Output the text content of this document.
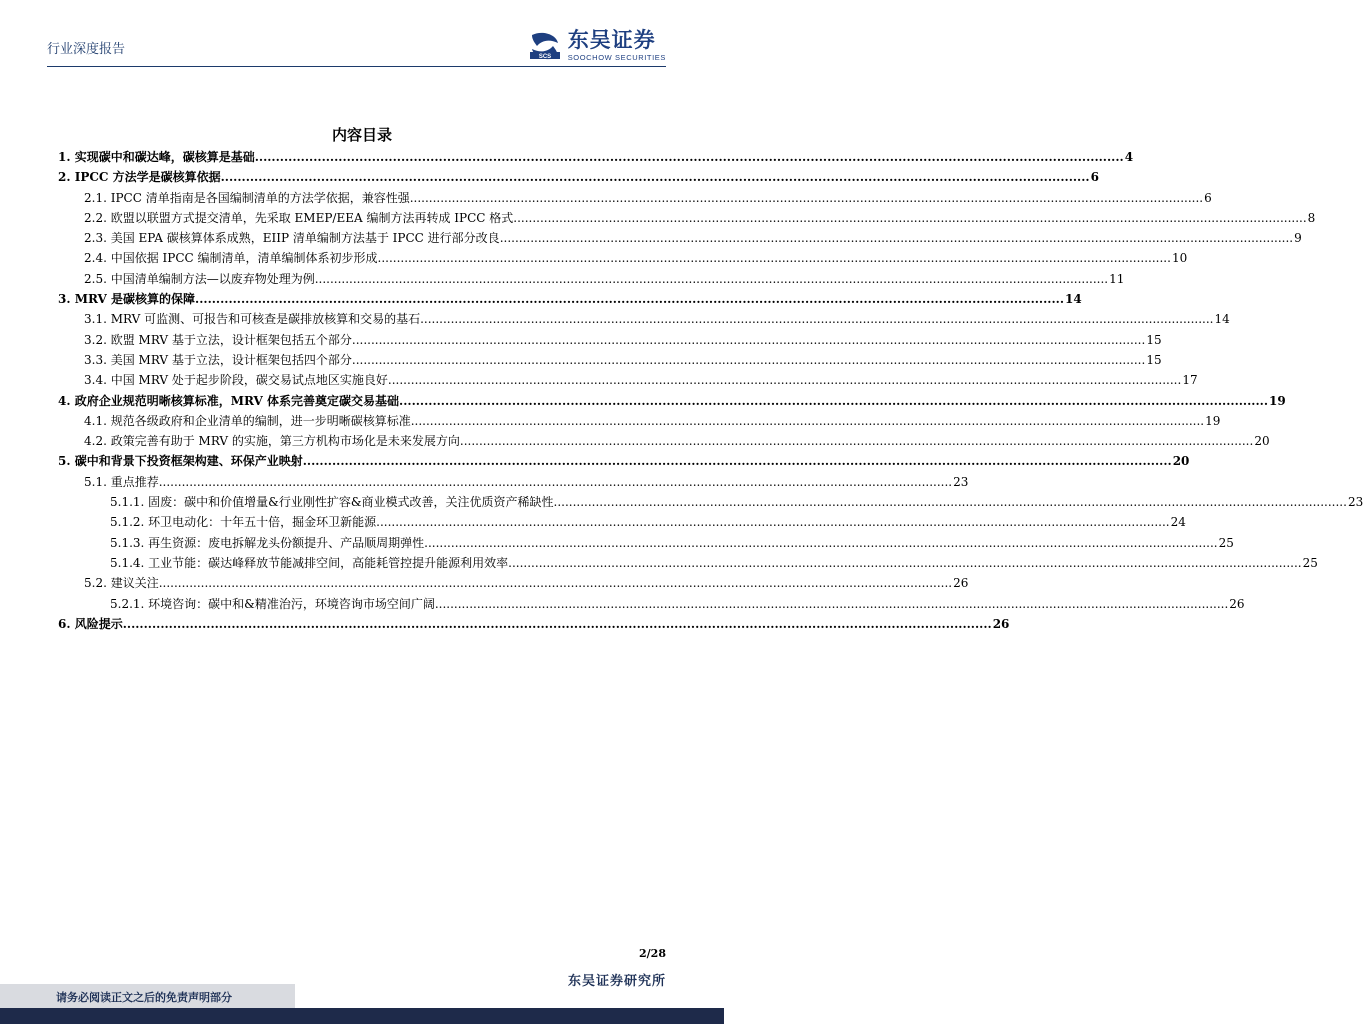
行业深度报告	SCS
东吴证券
SOOCHOW SECURITIES
内容目录
1. 实现碳中和碳达峰，碳核算是基础 .....	4
2. IPCC 方法学是碳核算依据 .....	6
2.1. IPCC 清单指南是各国编制清单的方法学依据，兼容性强 .....	6
2.2. 欧盟以联盟方式提交清单，先采取 EMEP/EEA 编制方法再转成 IPCC 格式 .....	8
2.3. 美国 EPA 碳核算体系成熟，EIIP 清单编制方法基于 IPCC 进行部分改良 .....	9
2.4. 中国依据 IPCC 编制清单，清单编制体系初步形成 .....	10
2.5. 中国清单编制方法—以废弃物处理为例 .....	11
3. MRV 是碳核算的保障 .....	14
3.1. MRV 可监测、可报告和可核查是碳排放核算和交易的基石 .....	14
3.2. 欧盟 MRV 基于立法，设计框架包括五个部分 .....	15
3.3. 美国 MRV 基于立法，设计框架包括四个部分 .....	15
3.4. 中国 MRV 处于起步阶段，碳交易试点地区实施良好 .....	17
4. 政府企业规范明晰核算标准，MRV 体系完善奠定碳交易基础 .....	19
4.1. 规范各级政府和企业清单的编制，进一步明晰碳核算标准 .....	19
4.2. 政策完善有助于 MRV 的实施，第三方机构市场化是未来发展方向 .....	20
5. 碳中和背景下投资框架构建、环保产业映射 .....	20
5.1. 重点推荐 .....	23
5.1.1. 固废：碳中和价值增量&行业刚性扩容&商业模式改善，关注优质资产稀缺性 .....	23
5.1.2. 环卫电动化：十年五十倍，掘金环卫新能源 .....	24
5.1.3. 再生资源：废电拆解龙头份额提升、产品顺周期弹性 .....	25
5.1.4. 工业节能：碳达峰释放节能减排空间，高能耗管控提升能源利用效率 .....	25
5.2. 建议关注 .....	26
5.2.1. 环境咨询：碳中和&精准治污，环境咨询市场空间广阔 .....	26
6. 风险提示 .....	26
2/28
东吴证券研究所
请务必阅读正文之后的免责声明部分
